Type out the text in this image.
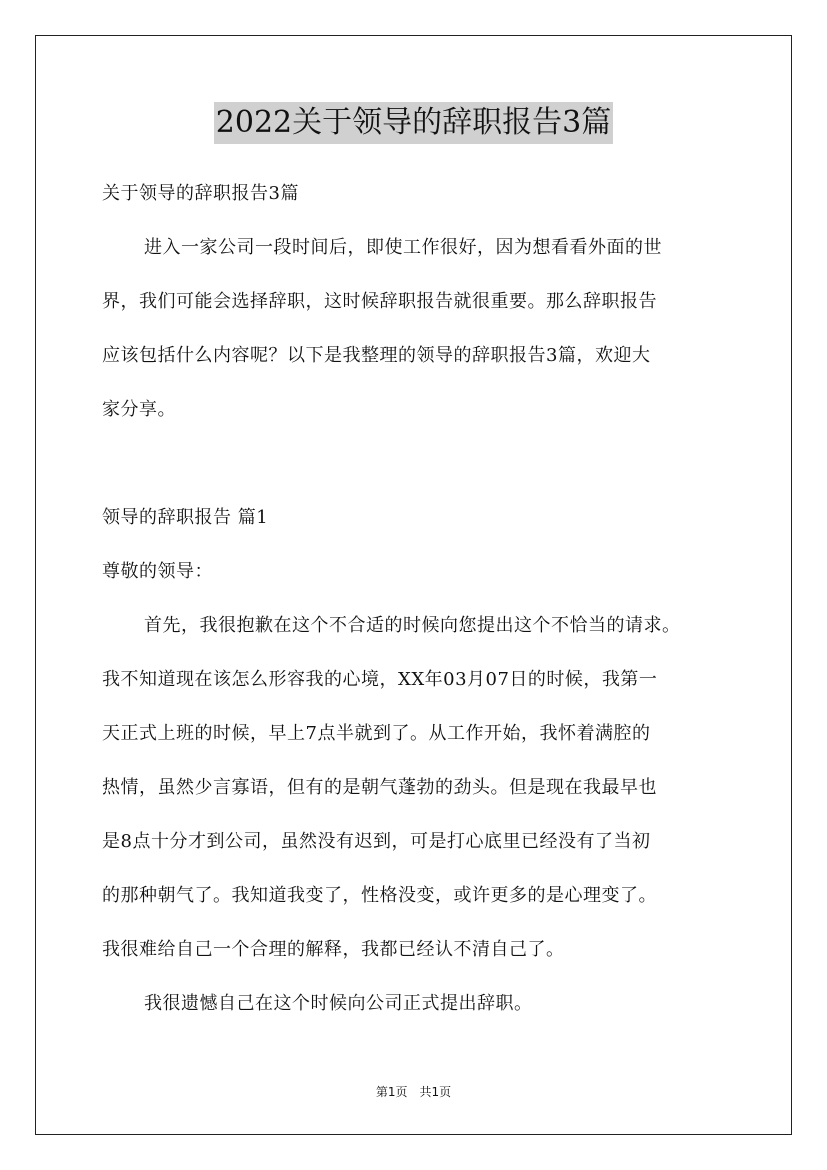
2022关于领导的辞职报告3篇
关于领导的辞职报告3篇
进入一家公司一段时间后，即使工作很好，因为想看看外面的世
界，我们可能会选择辞职，这时候辞职报告就很重要。那么辞职报告
应该包括什么内容呢？以下是我整理的领导的辞职报告3篇，欢迎大
家分享。
领导的辞职报告 篇1
尊敬的领导：
首先，我很抱歉在这个不合适的时候向您提出这个不恰当的请求。
我不知道现在该怎么形容我的心境，XX年03月07日的时候，我第一
天正式上班的时候，早上7点半就到了。从工作开始，我怀着满腔的
热情，虽然少言寡语，但有的是朝气蓬勃的劲头。但是现在我最早也
是8点十分才到公司，虽然没有迟到，可是打心底里已经没有了当初
的那种朝气了。我知道我变了，性格没变，或许更多的是心理变了。
我很难给自己一个合理的解释，我都已经认不清自己了。
我很遗憾自己在这个时候向公司正式提出辞职。
第1页　共1页
